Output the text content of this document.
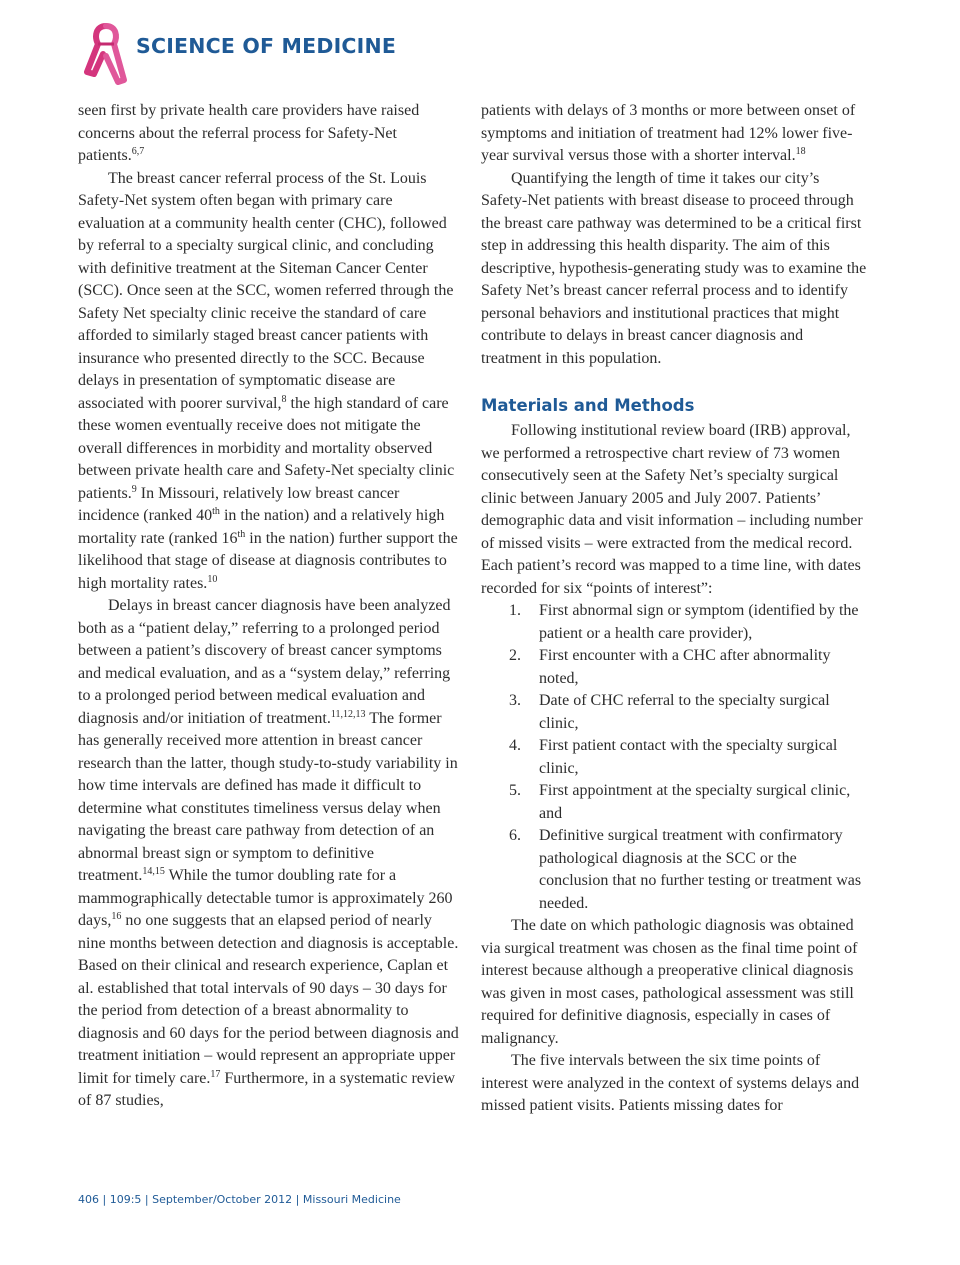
SCIENCE OF MEDICINE

seen first by private health care providers have raised concerns about the referral process for Safety-Net patients.$^{6,7}$

The breast cancer referral process of the St. Louis Safety-Net system often began with primary care evaluation at a community health center (CHC), followed by referral to a specialty surgical clinic, and concluding with definitive treatment at the Siteman Cancer Center (SCC). Once seen at the SCC, women referred through the Safety Net specialty clinic receive the standard of care afforded to similarly staged breast cancer patients with insurance who presented directly to the SCC. Because delays in presentation of symptomatic disease are associated with poorer survival,$^8$ the high standard of care these women eventually receive does not mitigate the overall differences in morbidity and mortality observed between private health care and Safety-Net specialty clinic patients.$^9$ In Missouri, relatively low breast cancer incidence (ranked 40th in the nation) and a relatively high mortality rate (ranked 16th in the nation) further support the likelihood that stage of disease at diagnosis contributes to high mortality rates.$^{10}$

Delays in breast cancer diagnosis have been analyzed both as a “patient delay,” referring to a prolonged period between a patient’s discovery of breast cancer symptoms and medical evaluation, and as a “system delay,” referring to a prolonged period between medical evaluation and diagnosis and/or initiation of treatment.$^{11,12,13}$ The former has generally received more attention in breast cancer research than the latter, though study-to-study variability in how time intervals are defined has made it difficult to determine what constitutes timeliness versus delay when navigating the breast care pathway from detection of an abnormal breast sign or symptom to definitive treatment.$^{14,15}$ While the tumor doubling rate for a mammographically detectable tumor is approximately 260 days,$^{16}$ no one suggests that an elapsed period of nearly nine months between detection and diagnosis is acceptable. Based on their clinical and research experience, Caplan et al. established that total intervals of 90 days – 30 days for the period from detection of a breast abnormality to diagnosis and 60 days for the period between diagnosis and treatment initiation – would represent an appropriate upper limit for timely care.$^{17}$ Furthermore, in a systematic review of 87 studies,

patients with delays of 3 months or more between onset of symptoms and initiation of treatment had 12% lower five-year survival versus those with a shorter interval.$^{18}$

Quantifying the length of time it takes our city’s Safety-Net patients with breast disease to proceed through the breast care pathway was determined to be a critical first step in addressing this health disparity. The aim of this descriptive, hypothesis-generating study was to examine the Safety Net’s breast cancer referral process and to identify personal behaviors and institutional practices that might contribute to delays in breast cancer diagnosis and treatment in this population.

Materials and Methods

Following institutional review board (IRB) approval, we performed a retrospective chart review of 73 women consecutively seen at the Safety Net’s specialty surgical clinic between January 2005 and July 2007. Patients’ demographic data and visit information – including number of missed visits – were extracted from the medical record. Each patient’s record was mapped to a time line, with dates recorded for six “points of interest”:

1. First abnormal sign or symptom (identified by the patient or a health care provider),
2. First encounter with a CHC after abnormality noted,
3. Date of CHC referral to the specialty surgical clinic,
4. First patient contact with the specialty surgical clinic,
5. First appointment at the specialty surgical clinic, and
6. Definitive surgical treatment with confirmatory pathological diagnosis at the SCC or the conclusion that no further testing or treatment was needed.

The date on which pathologic diagnosis was obtained via surgical treatment was chosen as the final time point of interest because although a preoperative clinical diagnosis was given in most cases, pathological assessment was still required for definitive diagnosis, especially in cases of malignancy.

The five intervals between the six time points of interest were analyzed in the context of systems delays and missed patient visits. Patients missing dates for

406 | 109:5 | September/October 2012 | Missouri Medicine
